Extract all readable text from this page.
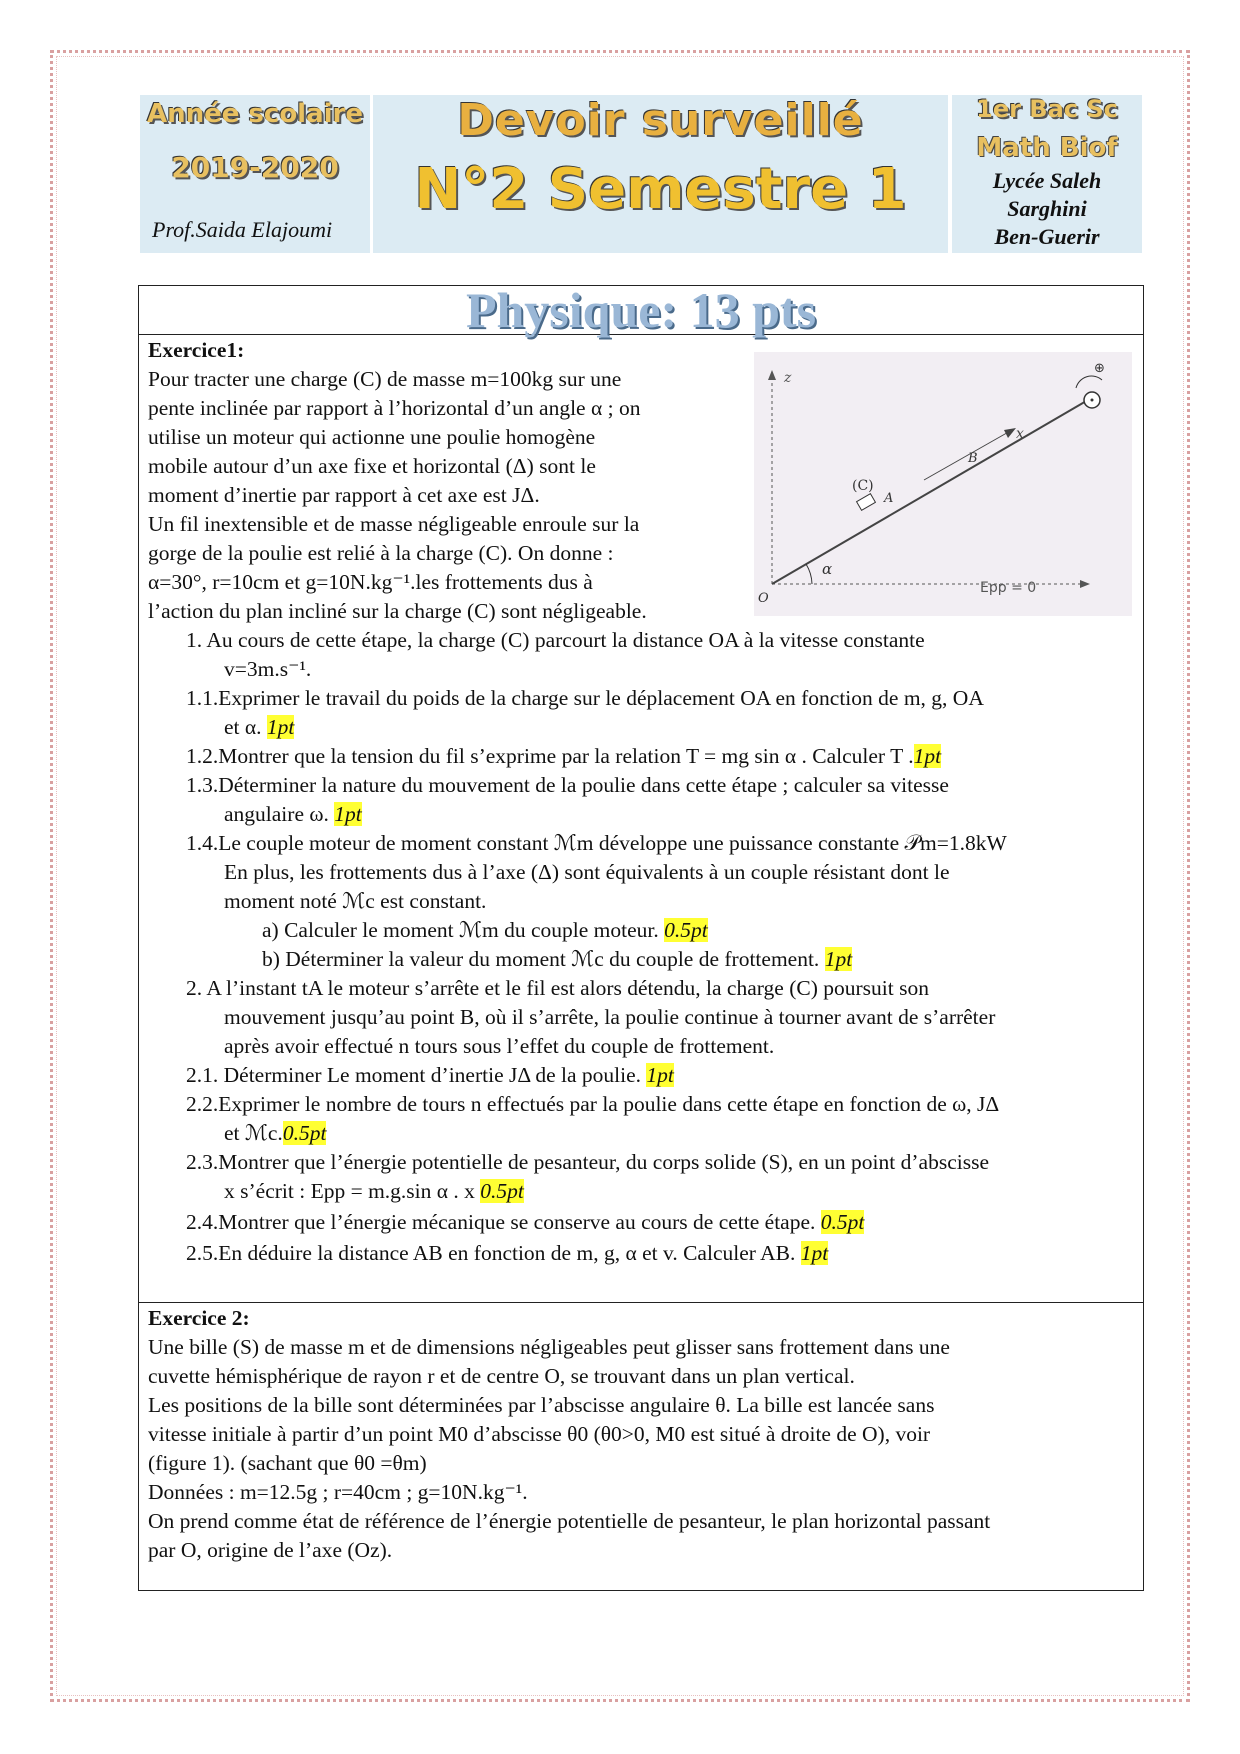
Année scolaire
2019-2020
Prof.Saida Elajoumi
Devoir surveillé
N°2 Semestre 1
1er Bac Sc
Math Biof
Lycée Saleh
Sarghini
Ben-Guerir
Physique: 13 pts
Exercice1:
Pour tracter une charge (C) de masse m=100kg sur une
pente inclinée par rapport à l’horizontal d’un angle α ; on
utilise un moteur qui actionne une poulie homogène
mobile autour d’un axe fixe et horizontal (Δ) sont le
moment d’inertie par rapport à cet axe est JΔ.
Un fil inextensible et de masse négligeable enroule sur la
gorge de la poulie est relié à la charge (C). On donne :
α=30°, r=10cm et g=10N.kg⁻¹.les frottements dus à
l’action du plan incliné sur la charge (C) sont négligeable.
1. Au cours de cette étape, la charge (C) parcourt la distance OA à la vitesse constante
v=3m.s⁻¹.
1.1.Exprimer le travail du poids de la charge sur le déplacement OA en fonction de m, g, OA
et α. 1pt
1.2.Montrer que la tension du fil s’exprime par la relation T = mg sin α . Calculer T .1pt
1.3.Déterminer la nature du mouvement de la poulie dans cette étape ; calculer sa vitesse
angulaire ω. 1pt
1.4.Le couple moteur de moment constant ℳm développe une puissance constante 𝒫m=1.8kW
En plus, les frottements dus à l’axe (Δ) sont équivalents à un couple résistant dont le
moment noté ℳc est constant.
a) Calculer le moment ℳm du couple moteur. 0.5pt
b) Déterminer la valeur du moment ℳc du couple de frottement. 1pt
2. A l’instant tA le moteur s’arrête et le fil est alors détendu, la charge (C) poursuit son
mouvement jusqu’au point B, où il s’arrête, la poulie continue à tourner avant de s’arrêter
après avoir effectué n tours sous l’effet du couple de frottement.
2.1. Déterminer Le moment d’inertie JΔ de la poulie. 1pt
2.2.Exprimer le nombre de tours n effectués par la poulie dans cette étape en fonction de ω, JΔ
et ℳc.0.5pt
2.3.Montrer que l’énergie potentielle de pesanteur, du corps solide (S), en un point d’abscisse
x s’écrit : Epp = m.g.sin α . x 0.5pt
2.4.Montrer que l’énergie mécanique se conserve au cours de cette étape. 0.5pt
2.5.En déduire la distance AB en fonction de m, g, α et v. Calculer AB. 1pt
z
Epp = 0
x
(C)
A
B
⊕
α
O
Exercice 2:
Une bille (S) de masse m et de dimensions négligeables peut glisser sans frottement dans une
cuvette hémisphérique de rayon r et de centre O, se trouvant dans un plan vertical.
Les positions de la bille sont déterminées par l’abscisse angulaire θ. La bille est lancée sans
vitesse initiale à partir d’un point M0 d’abscisse θ0 (θ0>0, M0 est situé à droite de O), voir
(figure 1). (sachant que θ0 =θm)
Données : m=12.5g ; r=40cm ; g=10N.kg⁻¹.
On prend comme état de référence de l’énergie potentielle de pesanteur, le plan horizontal passant
par O, origine de l’axe (Oz).
